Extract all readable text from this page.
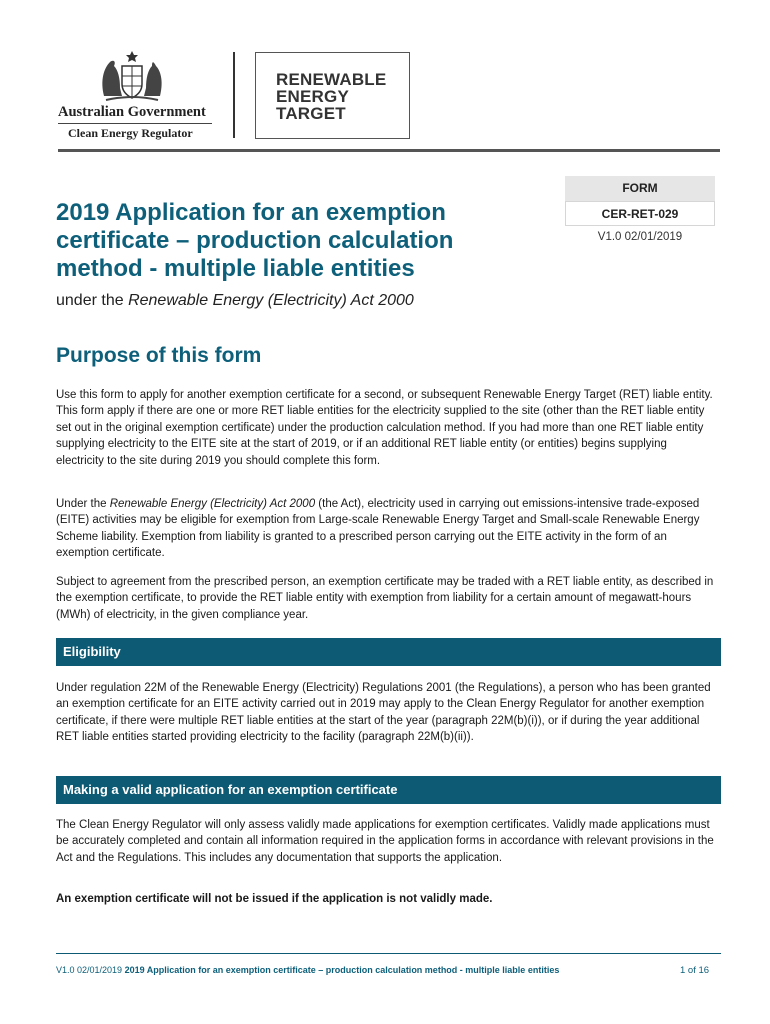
Australian Government
Clean Energy Regulator
RENEWABLE
ENERGY
TARGET
FORM
CER-RET-029
V1.0 02/01/2019
2019 Application for an exemption certificate – production calculation method - multiple liable entities
under the Renewable Energy (Electricity) Act 2000
Purpose of this form

Use this form to apply for another exemption certificate for a second, or subsequent Renewable Energy Target (RET) liable entity. This form apply if there are one or more RET liable entities for the electricity supplied to the site (other than the RET liable entity set out in the original exemption certificate) under the production calculation method. If you had more than one RET liable entity supplying electricity to the EITE site at the start of 2019, or if an additional RET liable entity (or entities) begins supplying electricity to the site during 2019 you should complete this form.

Under the Renewable Energy (Electricity) Act 2000 (the Act), electricity used in carrying out emissions-intensive trade-exposed (EITE) activities may be eligible for exemption from Large-scale Renewable Energy Target and Small-scale Renewable Energy Scheme liability. Exemption from liability is granted to a prescribed person carrying out the EITE activity in the form of an exemption certificate.

Subject to agreement from the prescribed person, an exemption certificate may be traded with a RET liable entity, as described in the exemption certificate, to provide the RET liable entity with exemption from liability for a certain amount of megawatt-hours (MWh) of electricity, in the given compliance year.

Eligibility

Under regulation 22M of the Renewable Energy (Electricity) Regulations 2001 (the Regulations), a person who has been granted an exemption certificate for an EITE activity carried out in 2019 may apply to the Clean Energy Regulator for another exemption certificate, if there were multiple RET liable entities at the start of the year (paragraph 22M(b)(i)), or if during the year additional RET liable entities started providing electricity to the facility (paragraph 22M(b)(ii)).

Making a valid application for an exemption certificate

The Clean Energy Regulator will only assess validly made applications for exemption certificates. Validly made applications must be accurately completed and contain all information required in the application forms in accordance with relevant provisions in the Act and the Regulations. This includes any documentation that supports the application.

An exemption certificate will not be issued if the application is not validly made.

V1.0 02/01/2019 2019 Application for an exemption certificate – production calculation method - multiple liable entities	1 of 16
